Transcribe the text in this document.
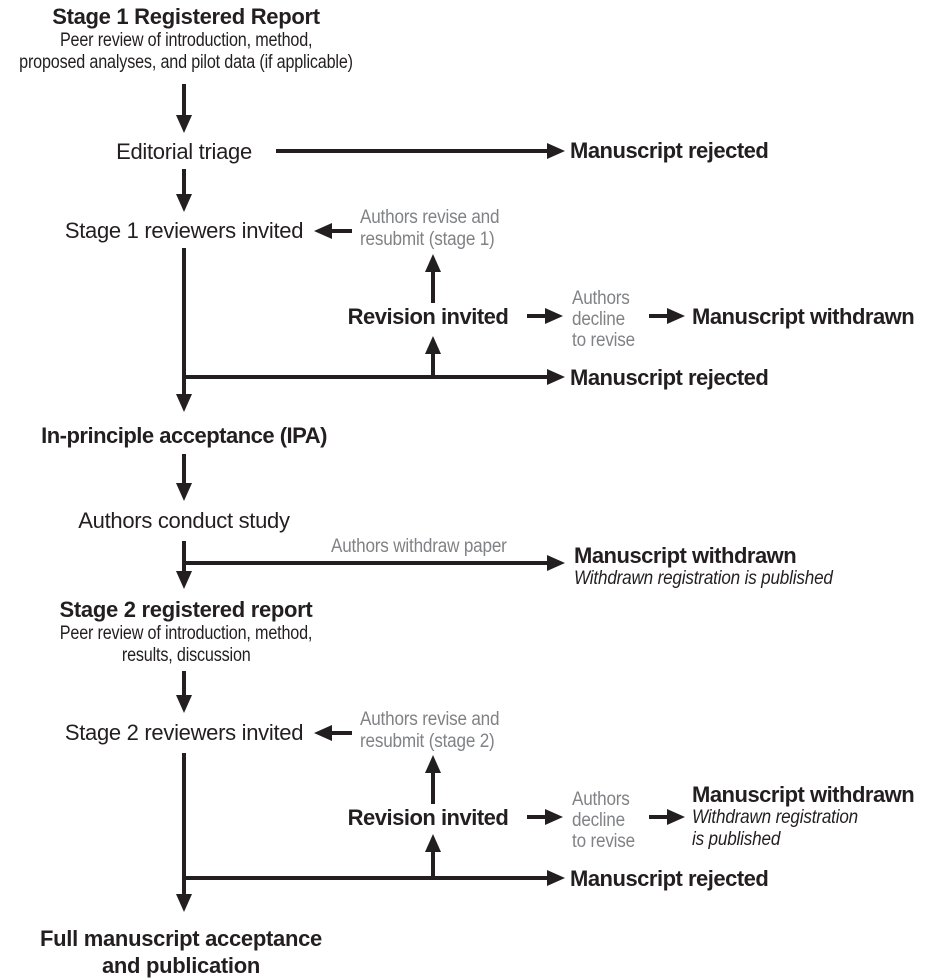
Stage 1 Registered Report
Peer review of introduction, method,
proposed analyses, and pilot data (if applicable)
Editorial triage	Manuscript rejected
Stage 1 reviewers invited
Authors revise and
resubmit (stage 1)
Revision invited
Authors
decline
to revise
Manuscript withdrawn
Manuscript rejected
In-principle acceptance (IPA)
Authors conduct study
Authors withdraw paper	Manuscript withdrawn
Withdrawn registration is published
Stage 2 registered report
Peer review of introduction, method,
results, discussion
Stage 2 reviewers invited
Authors revise and
resubmit (stage 2)
Revision invited
Authors
decline
to revise
Manuscript withdrawn
Withdrawn registration
is published
Manuscript rejected
Full manuscript acceptance
and publication
